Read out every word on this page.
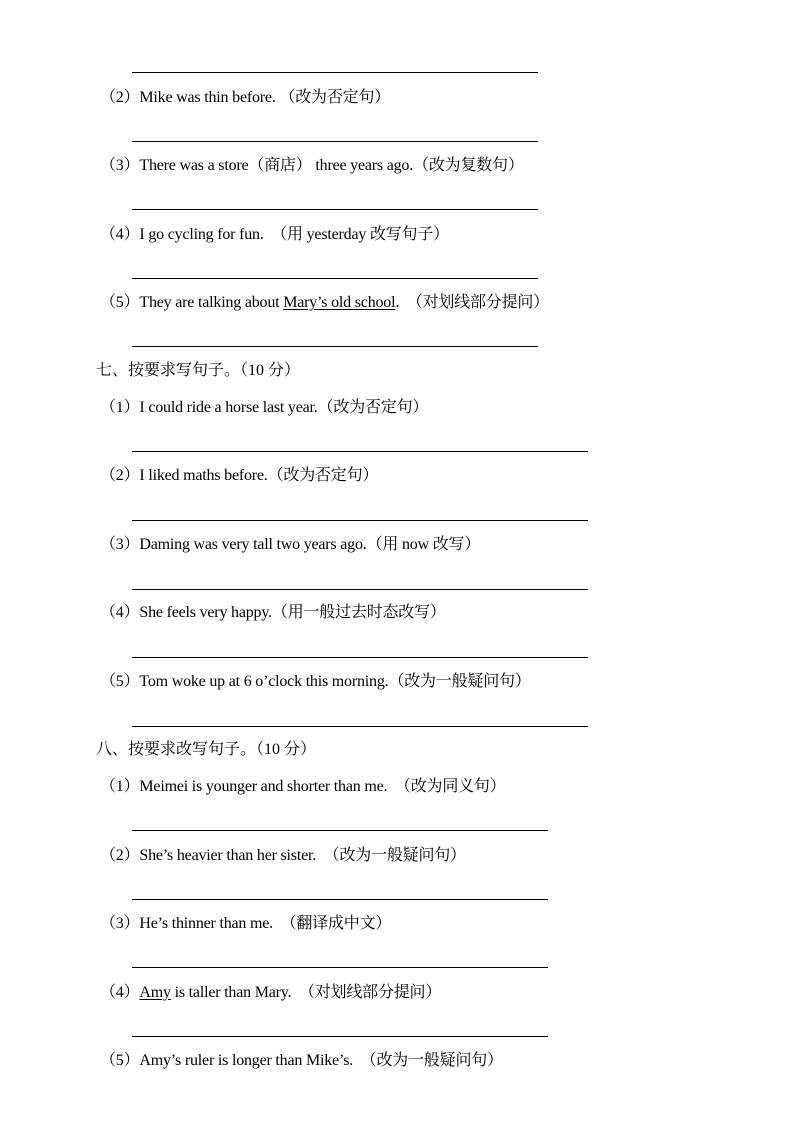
（2）Mike was thin before. （改为否定句）
（3）There was a store（商店） three years ago.（改为复数句）
（4）I go cycling for fun. （用 yesterday 改写句子）
（5）They are talking about Mary’s old school. （对划线部分提问）
七、按要求写句子。（10 分）
（1）I could ride a horse last year.（改为否定句）
（2）I liked maths before.（改为否定句）
（3）Daming was very tall two years ago.（用 now 改写）
（4）She feels very happy.（用一般过去时态改写）
（5）Tom woke up at 6 o’clock this morning.（改为一般疑问句）
八、按要求改写句子。（10 分）
（1）Meimei is younger and shorter than me. （改为同义句）
（2）She’s heavier than her sister. （改为一般疑问句）
（3）He’s thinner than me. （翻译成中文）
（4）Amy is taller than Mary. （对划线部分提问）
（5）Amy’s ruler is longer than Mike’s. （改为一般疑问句）
